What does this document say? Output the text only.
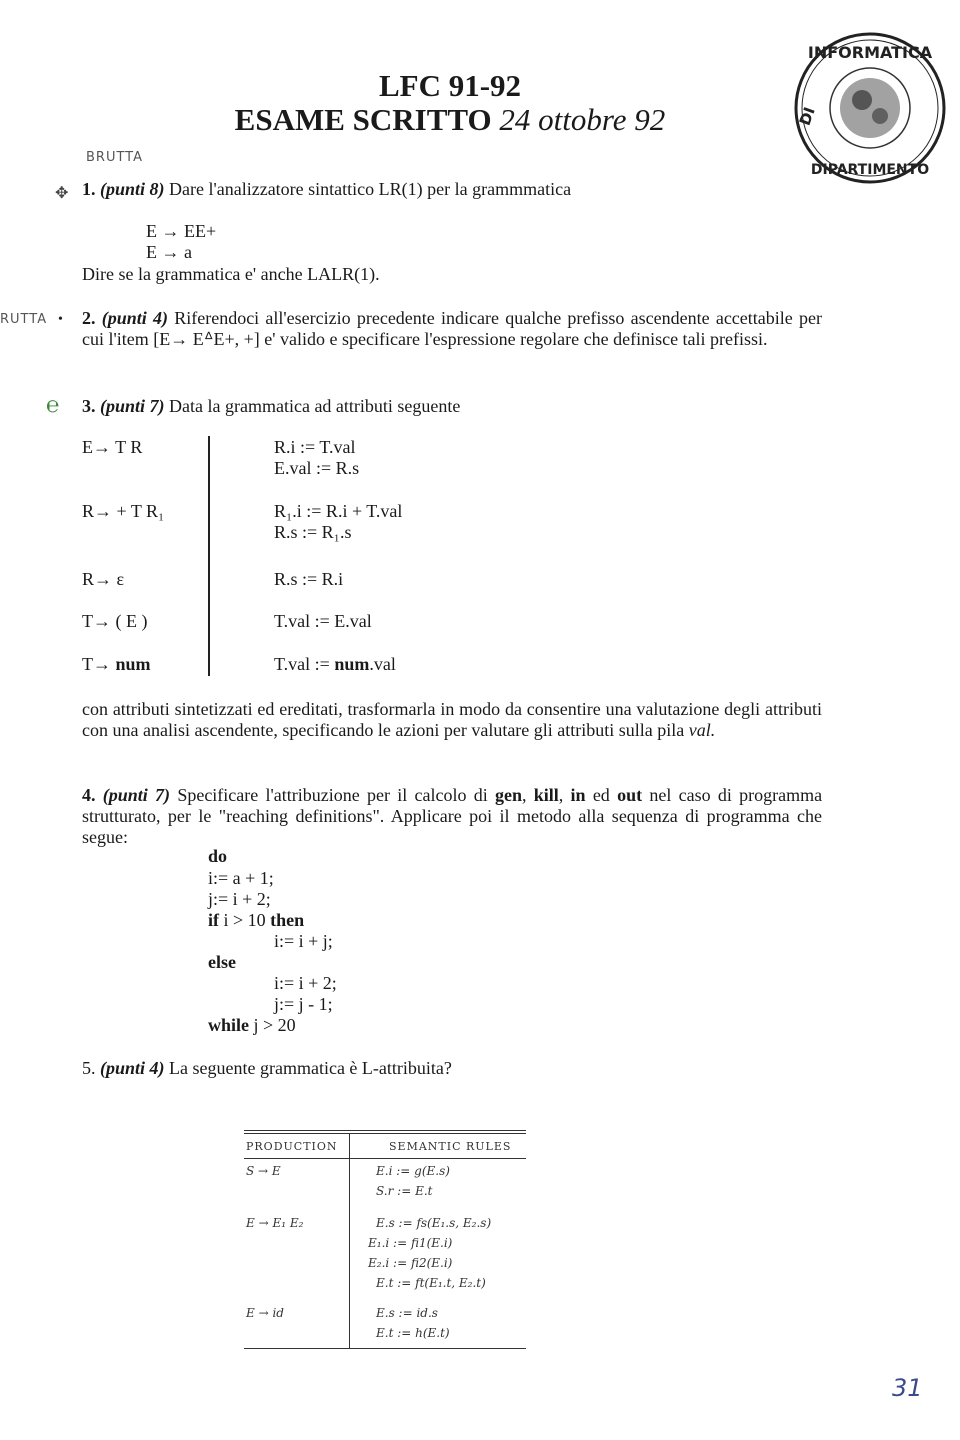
LFC 91-92
ESAME SCRITTO 24 ottobre 92
INFORMATICA
DI
DIPARTIMENTO
BRUTTA
RUTTA
✥
•
℮
1. (punti 8) Dare l'analizzatore sintattico LR(1) per la grammmatica
E → EE+
E → a
Dire se la grammatica e' anche LALR(1).
2. (punti 4) Riferendoci all'esercizio precedente indicare qualche prefisso ascendente accettabile per cui l'item [E→ EᐞE+, +] e' valido e specificare l'espressione regolare che definisce tali prefissi.
3. (punti 7) Data la grammatica ad attributi seguente
E→ T R	R.i := T.val
E.val := R.s
R→ + T R₁	R₁.i := R.i + T.val
R.s := R₁.s
R→ ε	R.s := R.i
T→ ( E )	T.val := E.val
T→ num	T.val := num.val
con attributi sintetizzati ed ereditati, trasformarla in modo da consentire una valutazione degli attributi con una analisi ascendente, specificando le azioni per valutare gli attributi sulla pila val.
4. (punti 7) Specificare l'attribuzione per il calcolo di gen, kill, in ed out nel caso di programma strutturato, per le "reaching definitions". Applicare poi il metodo alla sequenza di programma che segue:
do
i:= a + 1;
j:= i + 2;
if i > 10 then
i:= i + j;
else
i:= i + 2;
j:= j - 1;
while j > 20
5. (punti 4) La seguente grammatica è L-attribuita?
PRODUCTION	SEMANTIC RULES
S → E	E.i := g(E.s)
S.r := E.t
E → E₁ E₂	E.s := fs(E₁.s, E₂.s)
E₁.i := fi1(E.i)
E₂.i := fi2(E.i)
E.t := ft(E₁.t, E₂.t)
E → id	E.s := id.s
E.t := h(E.t)
31
